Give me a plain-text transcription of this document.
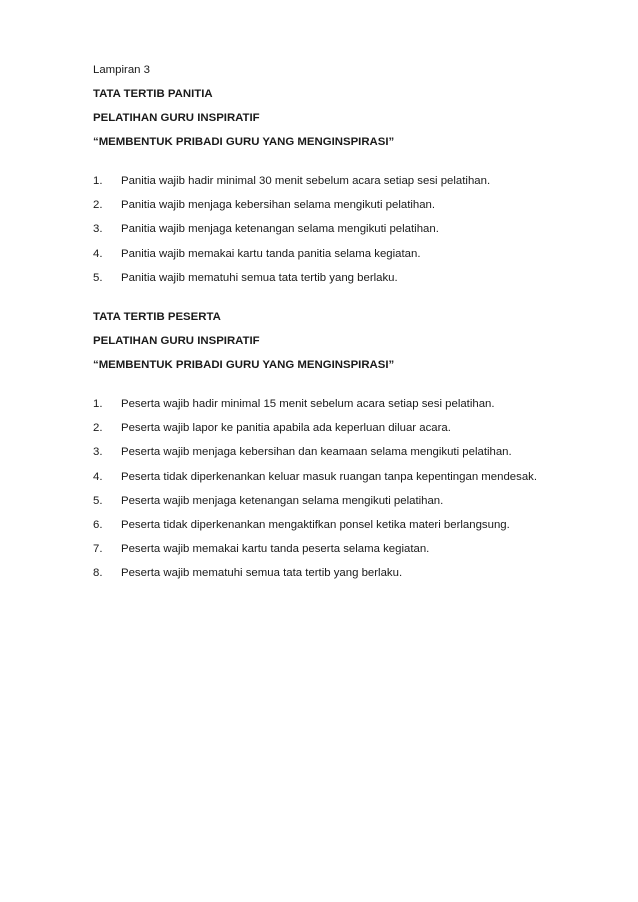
Lampiran 3
TATA TERTIB PANITIA
PELATIHAN GURU INSPIRATIF
“MEMBENTUK PRIBADI GURU YANG MENGINSPIRASI”
1.	Panitia wajib hadir minimal 30 menit sebelum acara setiap sesi pelatihan.
2.	Panitia wajib menjaga kebersihan selama mengikuti pelatihan.
3.	Panitia wajib menjaga ketenangan selama mengikuti pelatihan.
4.	Panitia wajib memakai kartu tanda panitia selama kegiatan.
5.	Panitia wajib mematuhi semua tata tertib yang berlaku.
TATA TERTIB PESERTA
PELATIHAN GURU INSPIRATIF
“MEMBENTUK PRIBADI GURU YANG MENGINSPIRASI”
1.	Peserta wajib hadir minimal 15 menit sebelum acara setiap sesi pelatihan.
2.	Peserta wajib lapor ke panitia apabila ada keperluan diluar acara.
3.	Peserta wajib menjaga kebersihan dan keamaan selama mengikuti pelatihan.
4.	Peserta tidak diperkenankan keluar masuk ruangan tanpa kepentingan mendesak.
5.	Peserta wajib menjaga ketenangan selama mengikuti pelatihan.
6.	Peserta tidak diperkenankan mengaktifkan ponsel ketika materi berlangsung.
7.	Peserta wajib memakai kartu tanda peserta selama kegiatan.
8.	Peserta wajib mematuhi semua tata tertib yang berlaku.
